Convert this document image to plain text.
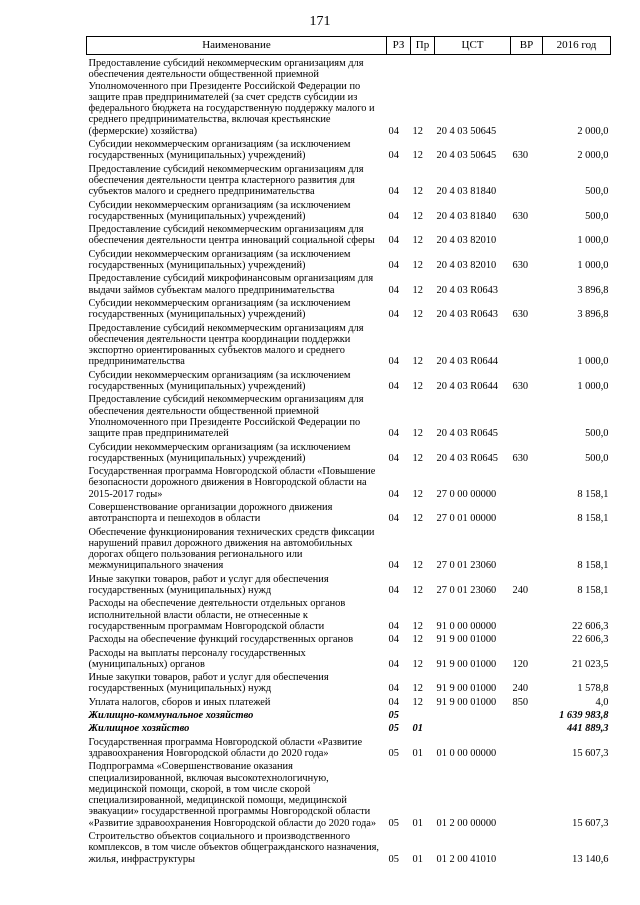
171
Наименование	РЗ	Пр	ЦСТ	ВР	2016 год
Предоставление субсидий некоммерческим организациям для обеспечения деятельности общественной приемной Уполномоченного при Президенте Российской Федерации по защите прав предпринимателей (за счет средств субсидии из федерального бюджета на государственную поддержку малого и среднего предпринимательства, включая крестьянские (фермерские) хозяйства)	04	12	20 4 03 50645		2 000,0
Субсидии некоммерческим организациям (за исключением государственных (муниципальных) учреждений)	04	12	20 4 03 50645	630	2 000,0
Предоставление субсидий некоммерческим организациям для обеспечения деятельности центра кластерного развития для субъектов малого и среднего предпринимательства	04	12	20 4 03 81840		500,0
Субсидии некоммерческим организациям (за исключением государственных (муниципальных) учреждений)	04	12	20 4 03 81840	630	500,0
Предоставление субсидий некоммерческим организациям для обеспечения деятельности центра инноваций социальной сферы	04	12	20 4 03 82010		1 000,0
Субсидии некоммерческим организациям (за исключением государственных (муниципальных) учреждений)	04	12	20 4 03 82010	630	1 000,0
Предоставление субсидий микрофинансовым организациям для выдачи займов субъектам малого предпринимательства	04	12	20 4 03 R0643		3 896,8
Субсидии некоммерческим организациям (за исключением государственных (муниципальных) учреждений)	04	12	20 4 03 R0643	630	3 896,8
Предоставление субсидий некоммерческим организациям для обеспечения деятельности центра координации поддержки экспортно ориентированных субъектов малого и среднего предпринимательства	04	12	20 4 03 R0644		1 000,0
Субсидии некоммерческим организациям (за исключением государственных (муниципальных) учреждений)	04	12	20 4 03 R0644	630	1 000,0
Предоставление субсидий некоммерческим организациям для обеспечения деятельности общественной приемной Уполномоченного при Президенте Российской Федерации по защите прав предпринимателей	04	12	20 4 03 R0645		500,0
Субсидии некоммерческим организациям (за исключением государственных (муниципальных) учреждений)	04	12	20 4 03 R0645	630	500,0
Государственная программа Новгородской области «Повышение безопасности дорожного движения в Новгородской области на 2015-2017 годы»	04	12	27 0 00 00000		8 158,1
Совершенствование организации дорожного движения автотранспорта и пешеходов в области	04	12	27 0 01 00000		8 158,1
Обеспечение функционирования технических средств фиксации нарушений правил дорожного движения на автомобильных дорогах общего пользования регионального или межмуниципального значения	04	12	27 0 01 23060		8 158,1
Иные закупки товаров, работ и услуг для обеспечения государственных (муниципальных) нужд	04	12	27 0 01 23060	240	8 158,1
Расходы на обеспечение деятельности отдельных органов исполнительной власти области, не отнесенные к государственным программам Новгородской области	04	12	91 0 00 00000		22 606,3
Расходы на обеспечение функций государственных органов	04	12	91 9 00 01000		22 606,3
Расходы на выплаты персоналу государственных (муниципальных) органов	04	12	91 9 00 01000	120	21 023,5
Иные закупки товаров, работ и услуг для обеспечения государственных (муниципальных) нужд	04	12	91 9 00 01000	240	1 578,8
Уплата налогов, сборов и иных платежей	04	12	91 9 00 01000	850	4,0
Жилищно-коммунальное хозяйство	05				1 639 983,8
Жилищное хозяйство	05	01			441 889,3
Государственная программа Новгородской области «Развитие здравоохранения Новгородской области до 2020 года»	05	01	01 0 00 00000		15 607,3
Подпрограмма «Совершенствование оказания специализированной, включая высокотехнологичную, медицинской помощи, скорой, в том числе скорой специализированной, медицинской помощи, медицинской эвакуации» государственной программы Новгородской области «Развитие здравоохранения Новгородской области до 2020 года»	05	01	01 2 00 00000		15 607,3
Строительство объектов социального и производственного комплексов, в том числе объектов общегражданского назначения, жилья, инфраструктуры	05	01	01 2 00 41010		13 140,6
